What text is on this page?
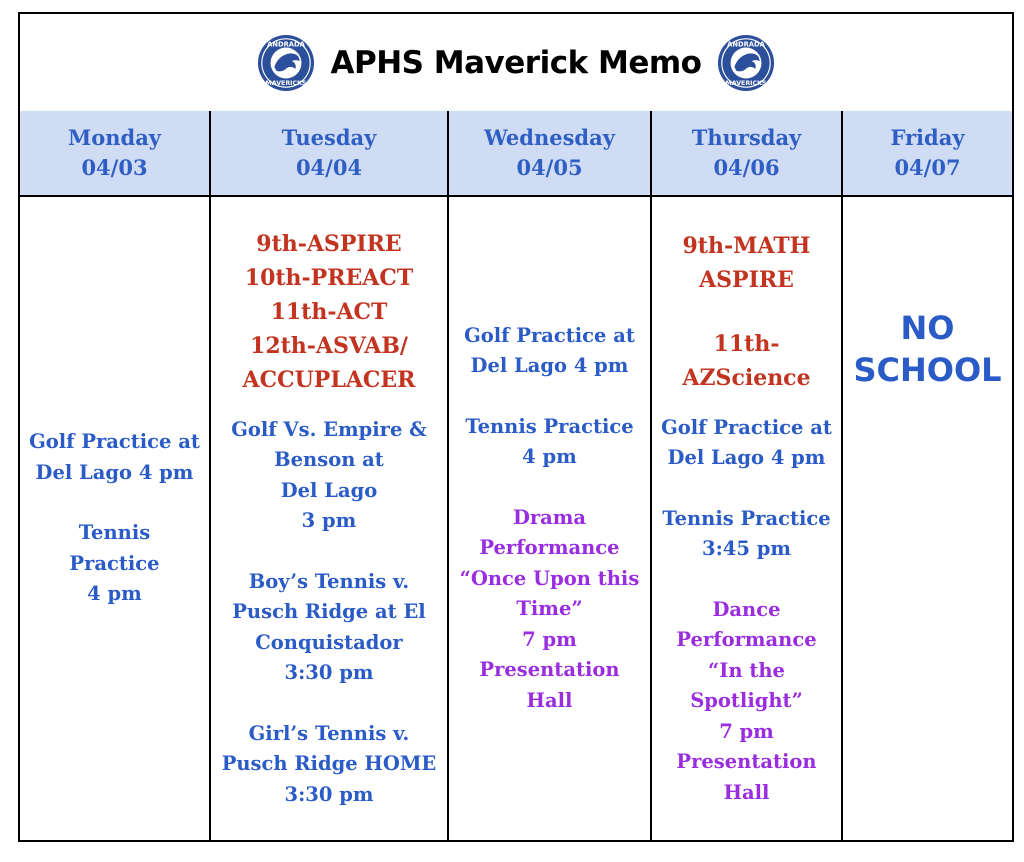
ANDRADA
MAVERICKS
APHS Maverick Memo
ANDRADA
MAVERICKS
Monday
04/03
Tuesday
04/04
Wednesday
04/05
Thursday
04/06
Friday
04/07
Golf Practice at
Del Lago 4 pm
Tennis
Practice
4 pm
9th-ASPIRE
10th-PREACT
11th-ACT
12th-ASVAB/
ACCUPLACER
Golf Vs. Empire &
Benson at
Del Lago
3 pm
Boy’s Tennis v.
Pusch Ridge at El
Conquistador
3:30 pm
Girl’s Tennis v.
Pusch Ridge HOME
3:30 pm
Golf Practice at
Del Lago 4 pm
Tennis Practice
4 pm
Drama
Performance
“Once Upon this
Time”
7 pm
Presentation
Hall
9th-MATH
ASPIRE
11th-
AZScience
Golf Practice at
Del Lago 4 pm
Tennis Practice
3:45 pm
Dance
Performance
“In the
Spotlight”
7 pm
Presentation
Hall
NO
SCHOOL
